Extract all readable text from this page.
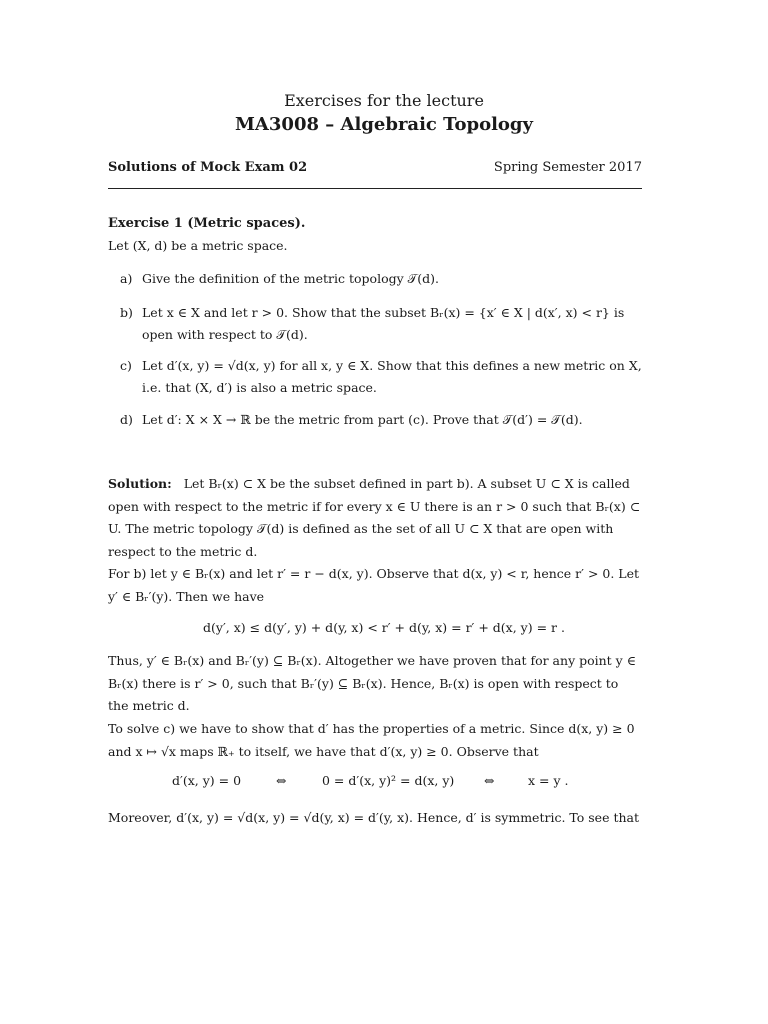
Exercises for the lecture
MA3008 – Algebraic Topology
Solutions of Mock Exam 02	Spring Semester 2017
Exercise 1 (Metric spaces).
Let (X, d) be a metric space.
a) Give the definition of the metric topology 𝒯(d).
b) Let x ∈ X and let r > 0. Show that the subset Bᵣ(x) = {x′ ∈ X | d(x′, x) < r} is
open with respect to 𝒯(d).
c) Let d′(x, y) = √d(x, y) for all x, y ∈ X. Show that this defines a new metric on X,
i.e. that (X, d′) is also a metric space.
d) Let d′: X × X → ℝ be the metric from part (c). Prove that 𝒯(d′) = 𝒯(d).
Solution: Let Bᵣ(x) ⊂ X be the subset defined in part b). A subset U ⊂ X is called open with respect to the metric if for every x ∈ U there is an r > 0 such that Bᵣ(x) ⊂ U. The metric topology 𝒯(d) is defined as the set of all U ⊂ X that are open with respect to the metric d.
For b) let y ∈ Bᵣ(x) and let r′ = r − d(x, y). Observe that d(x, y) < r, hence r′ > 0. Let y′ ∈ Bᵣ′(y). Then we have
d(y′, x) ≤ d(y′, y) + d(y, x) < r′ + d(y, x) = r′ + d(x, y) = r .
Thus, y′ ∈ Bᵣ(x) and Bᵣ′(y) ⊆ Bᵣ(x). Altogether we have proven that for any point y ∈ Bᵣ(x) there is r′ > 0, such that Bᵣ′(y) ⊆ Bᵣ(x). Hence, Bᵣ(x) is open with respect to the metric d.
To solve c) we have to show that d′ has the properties of a metric. Since d(x, y) ≥ 0 and x ↦ √x maps ℝ₊ to itself, we have that d′(x, y) ≥ 0. Observe that
d′(x, y) = 0	⇔	0 = d′(x, y)² = d(x, y) ⇔	x = y .
Moreover, d′(x, y) = √d(x, y) = √d(y, x) = d′(y, x). Hence, d′ is symmetric. To see that
